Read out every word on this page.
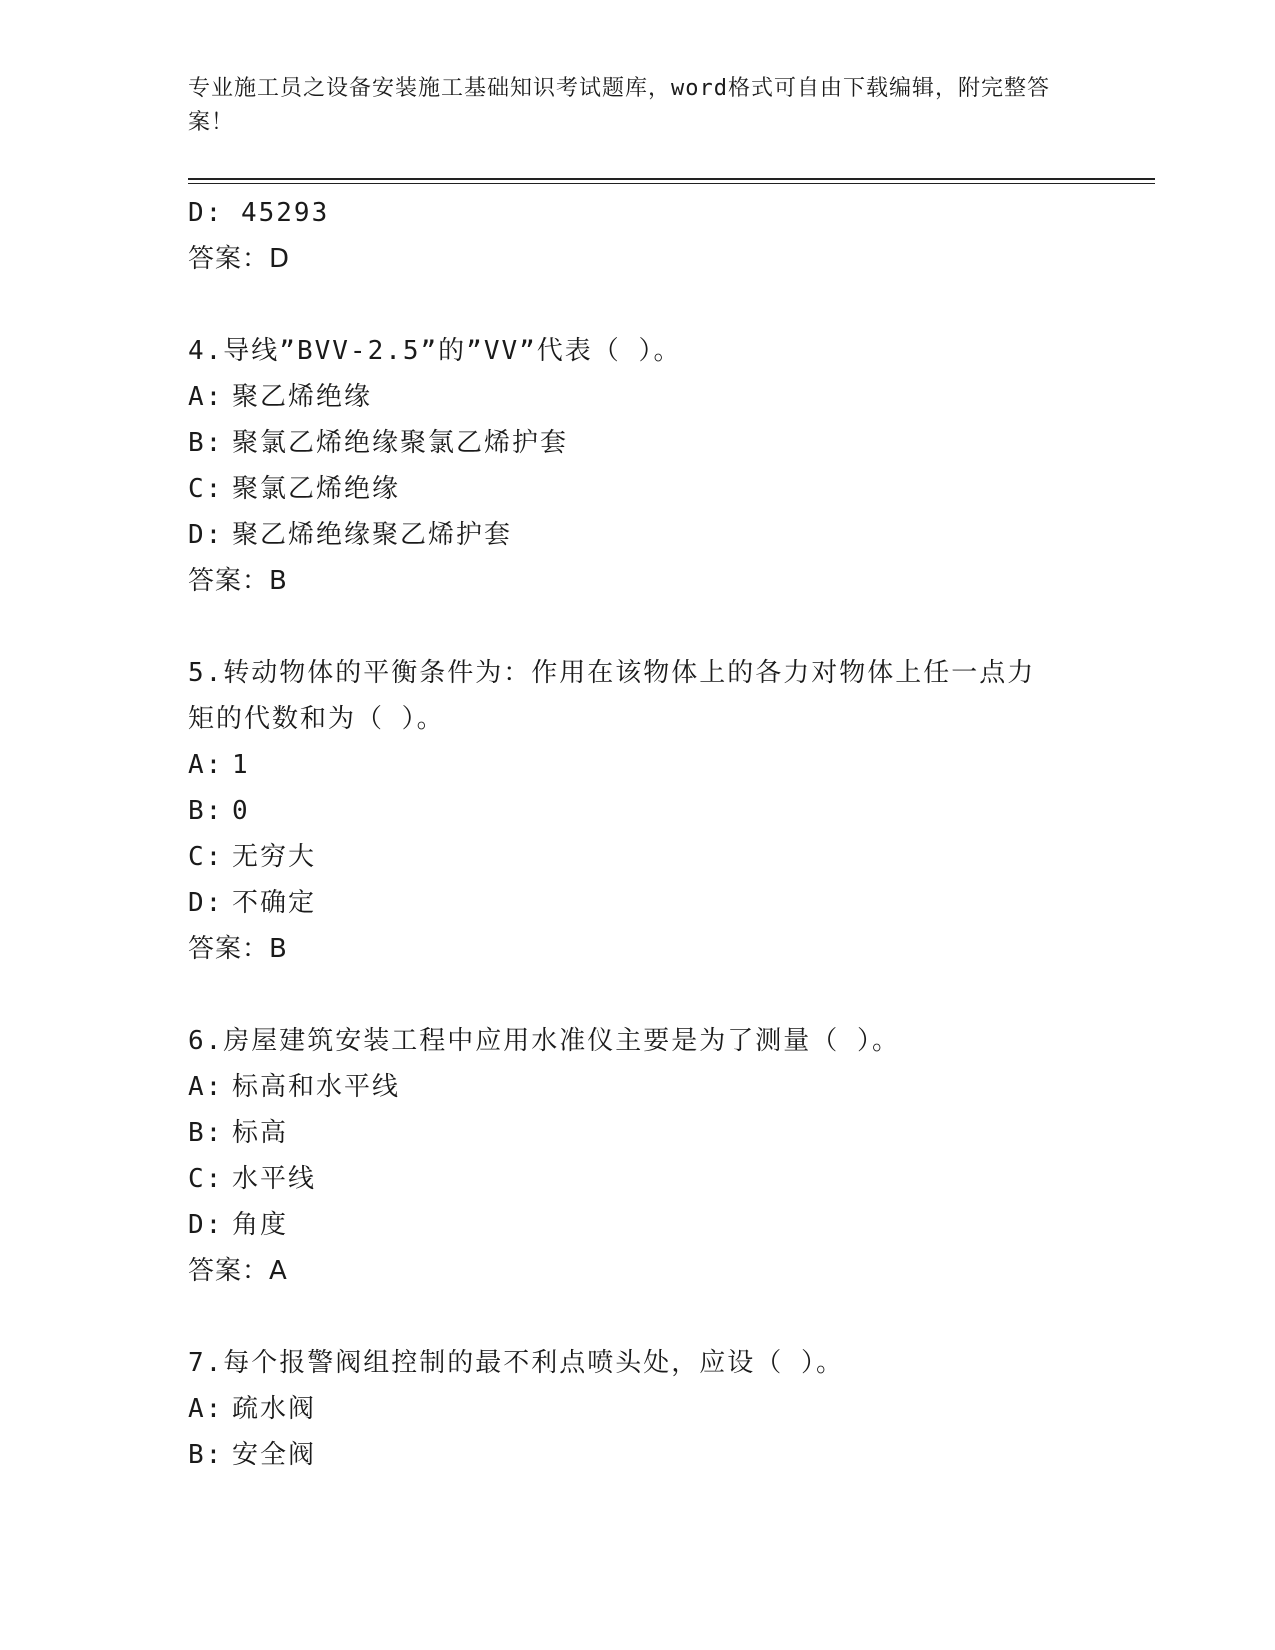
专业施工员之设备安装施工基础知识考试题库，word格式可自由下载编辑，附完整答案！
D: 45293
答案：D
4.导线”BVV-2.5”的”VV”代表（ ）。
A: 聚乙烯绝缘
B: 聚氯乙烯绝缘聚氯乙烯护套
C: 聚氯乙烯绝缘
D: 聚乙烯绝缘聚乙烯护套
答案：B
5.转动物体的平衡条件为：作用在该物体上的各力对物体上任一点力
矩的代数和为（ ）。
A: 1
B: 0
C: 无穷大
D: 不确定
答案：B
6.房屋建筑安装工程中应用水准仪主要是为了测量（ ）。
A: 标高和水平线
B: 标高
C: 水平线
D: 角度
答案：A
7.每个报警阀组控制的最不利点喷头处，应设（ ）。
A: 疏水阀
B: 安全阀
